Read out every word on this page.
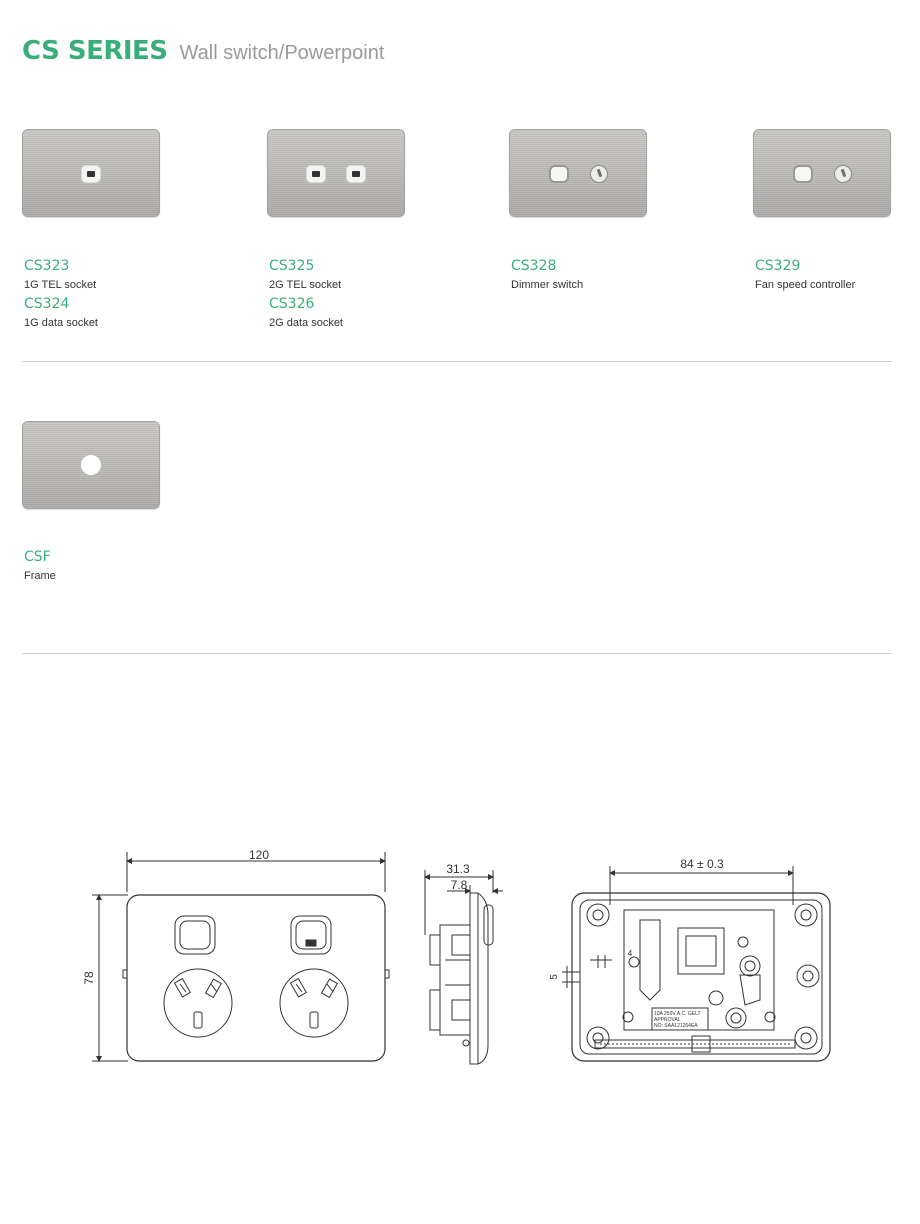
CS SERIES Wall switch/Powerpoint
CS323
1G TEL socket
CS324
1G data socket
CS325
2G TEL socket
CS326
2G data socket
CS328
Dimmer switch
CS329
Fan speed controller
CSF
Frame
120
78
31.3
7.8
84 ± 0.3
4
5
10A 250V A.C. GELT
APPROVAL
NO: SAA121264EA
